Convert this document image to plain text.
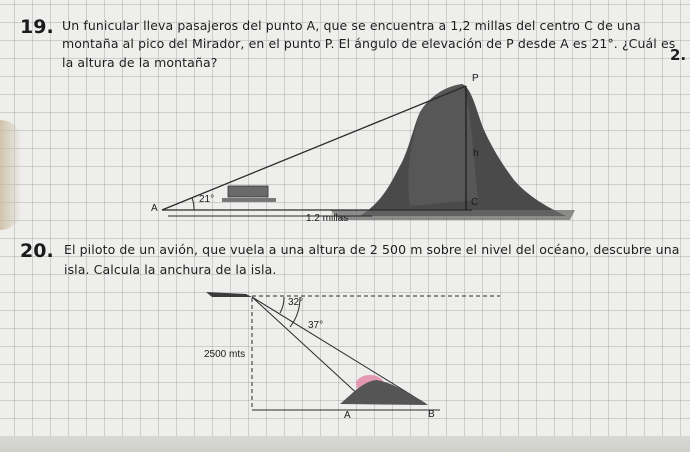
19. Un funicular lleva pasajeros del punto A, que se encuentra a 1,2 millas del centro C de una
montaña al pico del Mirador, en el punto P. El ángulo de elevación de P desde A es 21°. ¿Cuál es
la altura de la montaña?	2.
P
h
C
A
21°
1.2 millas
20. El piloto de un avión, que vuela a una altura de 2 500 m sobre el nivel del océano, descubre una
isla. Calcula la anchura de la isla.
32°
37°
2500 mts
A	B
